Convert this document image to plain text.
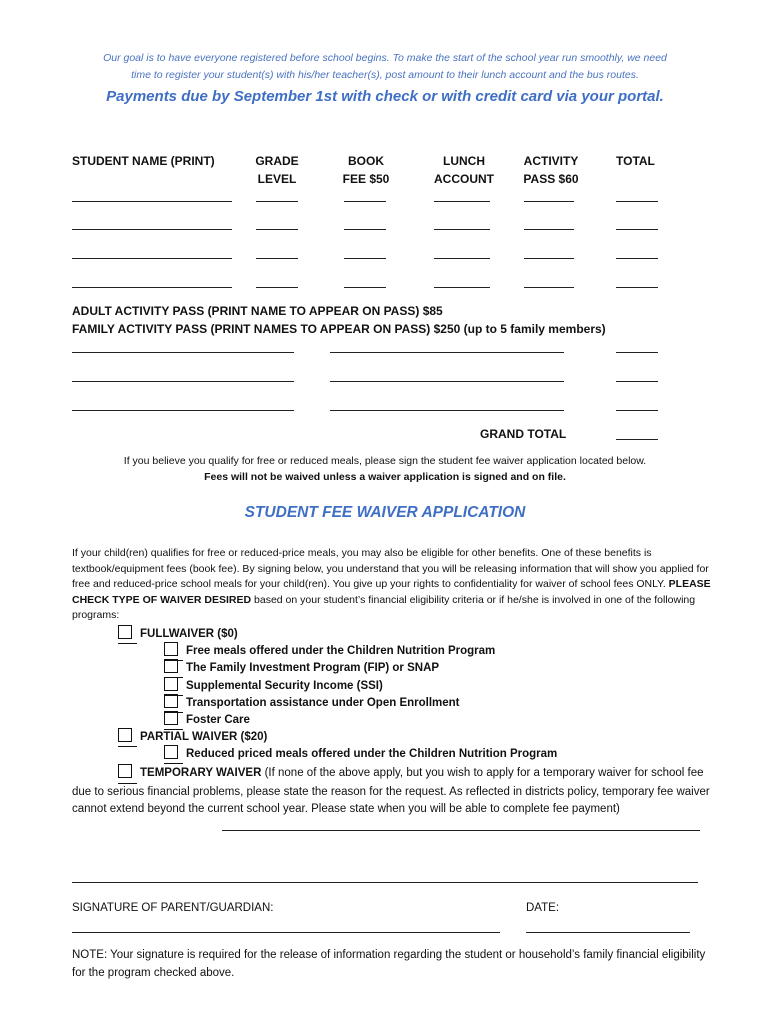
Our goal is to have everyone registered before school begins. To make the start of the school year run smoothly, we need
time to register your student(s) with his/her teacher(s), post amount to their lunch account and the bus routes.
Payments due by September 1st with check or with credit card via your portal.
STUDENT NAME (PRINT)	GRADE
LEVEL
BOOK
FEE $50
LUNCH
ACCOUNT
ACTIVITY
PASS $60
TOTAL
ADULT ACTIVITY PASS (PRINT NAME TO APPEAR ON PASS) $85
FAMILY ACTIVITY PASS (PRINT NAMES TO APPEAR ON PASS) $250 (up to 5 family members)
GRAND TOTAL
If you believe you qualify for free or reduced meals, please sign the student fee waiver application located below.
Fees will not be waived unless a waiver application is signed and on file.
STUDENT FEE WAIVER APPLICATION
If your child(ren) qualifies for free or reduced-price meals, you may also be eligible for other benefits. One of these benefits is textbook/equipment fees (book fee). By signing below, you understand that you will be releasing information that will show you applied for free and reduced-price school meals for your child(ren). You give up your rights to confidentiality for waiver of school fees ONLY. PLEASE CHECK TYPE OF WAIVER DESIRED based on your student’s financial eligibility criteria or if he/she is involved in one of the following programs:
FULLWAIVER ($0)
Free meals offered under the Children Nutrition Program
The Family Investment Program (FIP) or SNAP
Supplemental Security Income (SSI)
Transportation assistance under Open Enrollment
Foster Care
PARTIAL WAIVER ($20)
Reduced priced meals offered under the Children Nutrition Program
TEMPORARY WAIVER (If none of the above apply, but you wish to apply for a temporary waiver for school fee due to serious financial problems, please state the reason for the request. As reflected in districts policy, temporary fee waiver cannot extend beyond the current school year. Please state when you will be able to complete fee payment)
SIGNATURE OF PARENT/GUARDIAN:	DATE:
NOTE: Your signature is required for the release of information regarding the student or household’s family financial eligibility for the program checked above.
